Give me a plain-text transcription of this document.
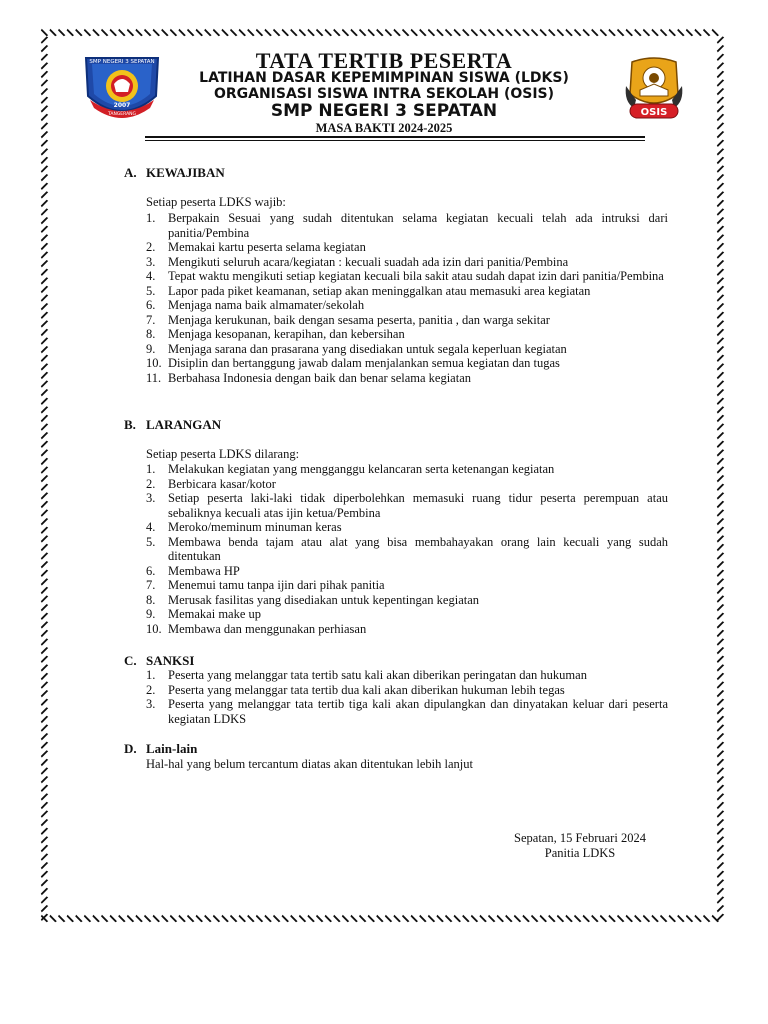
TATA TERTIB PESERTA
LATIHAN DASAR KEPEMIMPINAN SISWA (LDKS)
ORGANISASI SISWA INTRA SEKOLAH (OSIS)
SMP NEGERI 3 SEPATAN
MASA BAKTI 2024-2025
SMP NEGERI 3 SEPATAN
2007
TANGERANG	OSIS
A. KEWAJIBAN
Setiap peserta LDKS wajib:
1.	Berpakain Sesuai yang sudah ditentukan selama kegiatan kecuali telah ada intruksi dari panitia/Pembina
2.	Memakai kartu peserta selama kegiatan
3.	Mengikuti seluruh acara/kegiatan : kecuali suadah ada izin dari panitia/Pembina
4.	Tepat waktu mengikuti setiap kegiatan kecuali bila sakit atau sudah dapat izin dari panitia/Pembina
5.	Lapor pada piket keamanan, setiap akan meninggalkan atau memasuki area kegiatan
6.	Menjaga nama baik almamater/sekolah
7.	Menjaga kerukunan, baik dengan sesama peserta, panitia , dan warga sekitar
8.	Menjaga kesopanan, kerapihan, dan kebersihan
9.	Menjaga sarana dan prasarana yang disediakan untuk segala keperluan kegiatan
10. Disiplin dan bertanggung jawab dalam menjalankan semua kegiatan dan tugas
11. Berbahasa Indonesia dengan baik dan benar selama kegiatan
B. LARANGAN
Setiap peserta LDKS dilarang:
1.	Melakukan kegiatan yang mengganggu kelancaran serta ketenangan kegiatan
2.	Berbicara kasar/kotor
3.	Setiap peserta laki-laki tidak diperbolehkan memasuki ruang tidur peserta perempuan atau sebaliknya kecuali atas ijin ketua/Pembina
4.	Meroko/meminum minuman keras
5.	Membawa benda tajam atau alat yang bisa membahayakan orang lain kecuali yang sudah ditentukan
6.	Membawa HP
7.	Menemui tamu tanpa ijin dari pihak panitia
8.	Merusak fasilitas yang disediakan untuk kepentingan kegiatan
9.	Memakai make up
10. Membawa dan menggunakan perhiasan
C. SANKSI
1.	Peserta yang melanggar tata tertib satu kali akan diberikan peringatan dan hukuman
2.	Peserta yang melanggar tata tertib dua kali akan diberikan hukuman lebih tegas
3.	Peserta yang melanggar tata tertib tiga kali akan dipulangkan dan dinyatakan keluar dari peserta kegiatan LDKS
D. Lain-lain
Hal-hal yang belum tercantum diatas akan ditentukan lebih lanjut
Sepatan, 15 Februari 2024
Panitia LDKS
